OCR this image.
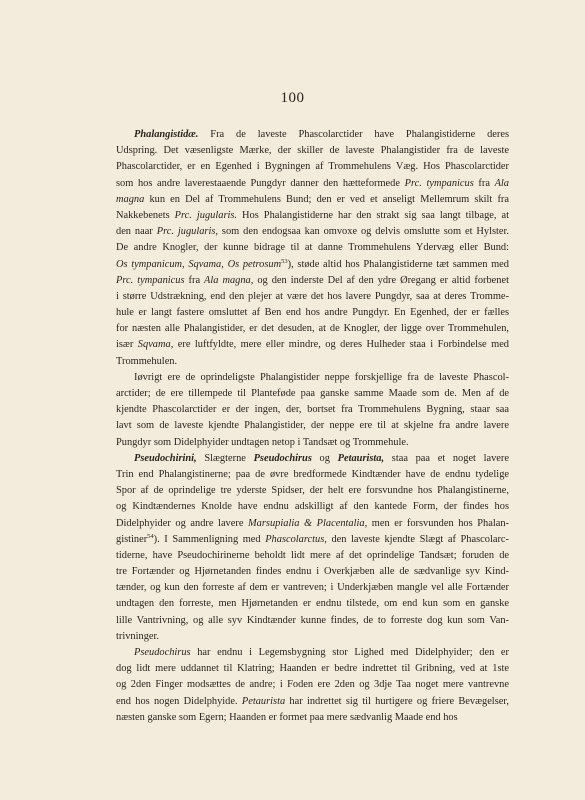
100
Phalangistidæ. Fra de laveste Phascolarctider have Phalangistiderne deres
Udspring. Det væsenligste Mærke, der skiller de laveste Phalangistider fra de laveste
Phascolarctider, er en Egenhed i Bygningen af Trommehulens Væg. Hos Phascolarctider
som hos andre laverestaaende Pungdyr danner den hætteformede Prc. tympanicus fra Ala
magna kun en Del af Trommehulens Bund; den er ved et anseligt Mellemrum skilt fra
Nakkebenets Prc. jugularis. Hos Phalangistiderne har den strakt sig saa langt tilbage, at
den naar Prc. jugularis, som den endogsaa kan omvoxe og delvis omslutte som et Hylster.
De andre Knogler, der kunne bidrage til at danne Trommehulens Ydervæg eller Bund:
Os tympanicum, Sqvama, Os petrosum$^{53}$), støde altid hos Phalangistiderne tæt sammen med
Prc. tympanicus fra Ala magna, og den inderste Del af den ydre Øregang er altid forbenet
i større Udstrækning, end den plejer at være det hos lavere Pungdyr, saa at deres Tromme-
hule er langt fastere omsluttet af Ben end hos andre Pungdyr. En Egenhed, der er fælles
for næsten alle Phalangistider, er det desuden, at de Knogler, der ligge over Trommehulen,
især Sqvama, ere luftfyldte, mere eller mindre, og deres Hulheder staa i Forbindelse med
Trommehulen.
Iøvrigt ere de oprindeligste Phalangistider neppe forskjellige fra de laveste Phascol-
arctider; de ere tillempede til Planteføde paa ganske samme Maade som de. Men af de
kjendte Phascolarctider er der ingen, der, bortset fra Trommehulens Bygning, staar saa
lavt som de laveste kjendte Phalangistider, der neppe ere til at skjelne fra andre lavere
Pungdyr som Didelphyider undtagen netop i Tandsæt og Trommehule.
Pseudochirini, Slægterne Pseudochirus og Petaurista, staa paa et noget lavere
Trin end Phalangistinerne; paa de øvre bredformede Kindtænder have de endnu tydelige
Spor af de oprindelige tre yderste Spidser, der helt ere forsvundne hos Phalangistinerne,
og Kindtændernes Knolde have endnu adskilligt af den kantede Form, der findes hos
Didelphyider og andre lavere Marsupialia & Placentalia, men er forsvunden hos Phalan-
gistiner$^{54}$). I Sammenligning med Phascolarctus, den laveste kjendte Slægt af Phascolarc-
tiderne, have Pseudochirinerne beholdt lidt mere af det oprindelige Tandsæt; foruden de
tre Fortænder og Hjørnetanden findes endnu i Overkjæben alle de sædvanlige syv Kind-
tænder, og kun den forreste af dem er vantreven; i Underkjæben mangle vel alle Fortænder
undtagen den forreste, men Hjørnetanden er endnu tilstede, om end kun som en ganske
lille Vantrivning, og alle syv Kindtænder kunne findes, de to forreste dog kun som Van-
trivninger.
Pseudochirus har endnu i Legemsbygning stor Lighed med Didelphyider; den er
dog lidt mere uddannet til Klatring; Haanden er bedre indrettet til Gribning, ved at 1ste
og 2den Finger modsættes de andre; i Foden ere 2den og 3dje Taa noget mere vantrevne
end hos nogen Didelphyide. Petaurista har indrettet sig til hurtigere og friere Bevægelser,
næsten ganske som Egern; Haanden er formet paa mere sædvanlig Maade end hos
